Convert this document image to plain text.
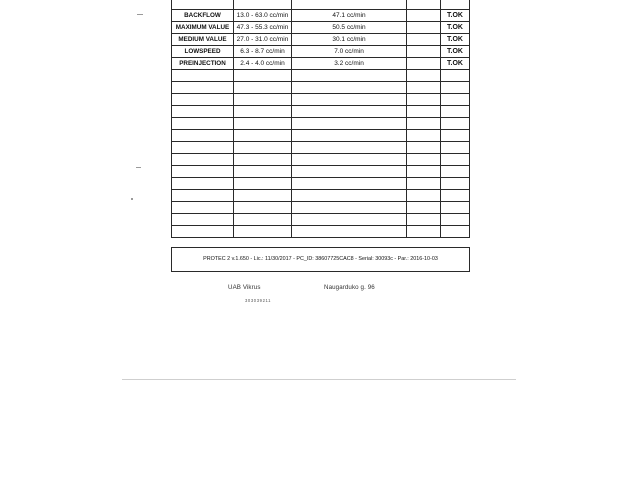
BACKFLOW	13.0 - 63.0 cc/min	47.1 cc/min		T.OK
MAXIMUM VALUE	47.3 - 55.3 cc/min	50.5 cc/min		T.OK
MEDIUM VALUE	27.0 - 31.0 cc/min	30.1 cc/min		T.OK
LOWSPEED	6.3 - 8.7 cc/min	7.0 cc/min		T.OK
PREINJECTION	2.4 - 4.0 cc/min	3.2 cc/min		T.OK

PROTEC 2 v.1.650 - Lic.: 11/30/2017 - PC_ID: 38607725CAC8 - Serial: 30093c - Par.: 2016-10-03
UAB Vikrus	Naugarduko g. 96
303039211
